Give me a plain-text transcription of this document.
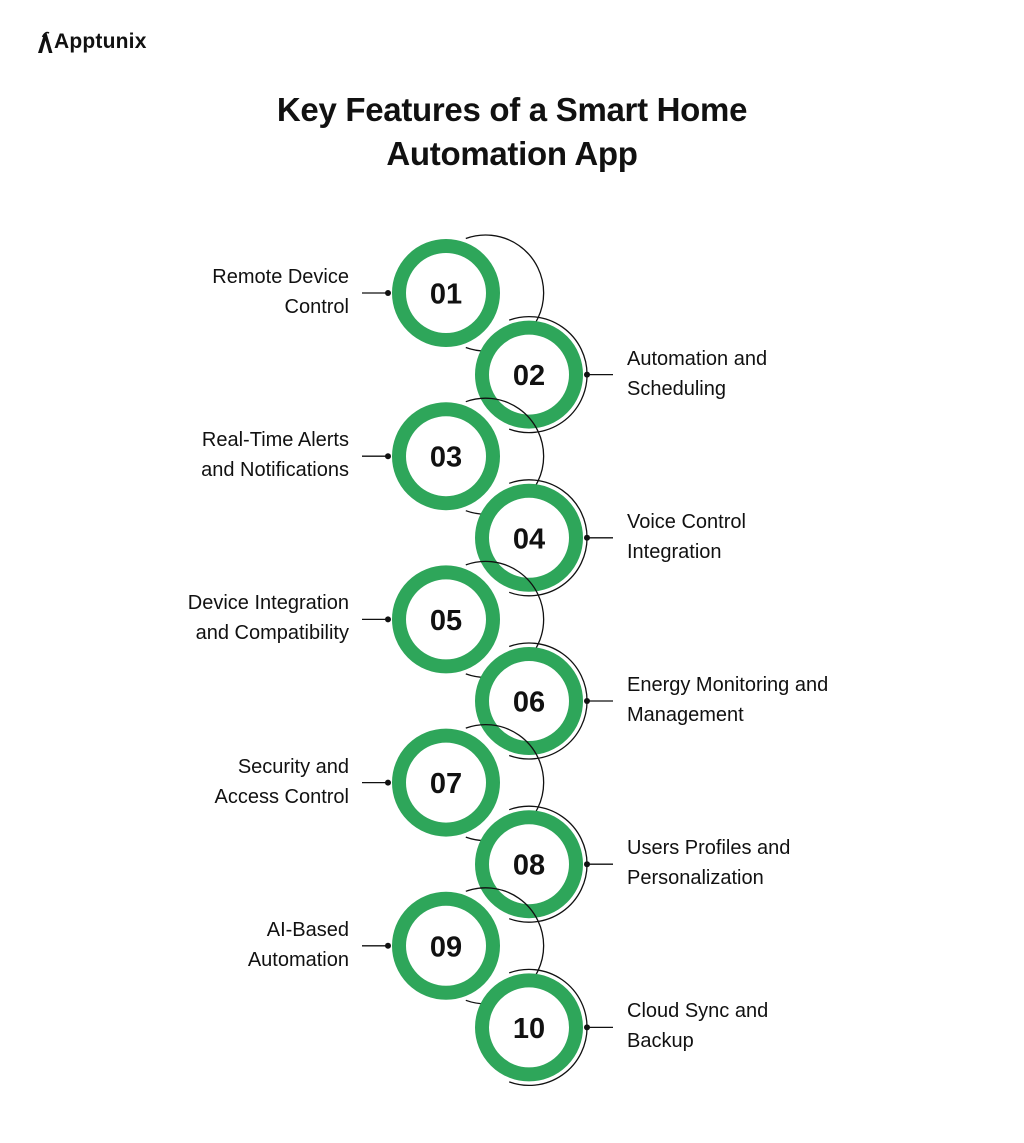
Apptunix
Key Features of a Smart Home
Automation App
01
02
03
04
05
06
07
08
09
10
Remote Device
Control
Automation and
Scheduling
Real-Time Alerts
and Notifications
Voice Control
Integration
Device Integration
and Compatibility
Energy Monitoring and
Management
Security and
Access Control
Users Profiles and
Personalization
AI-Based
Automation
Cloud Sync and
Backup
